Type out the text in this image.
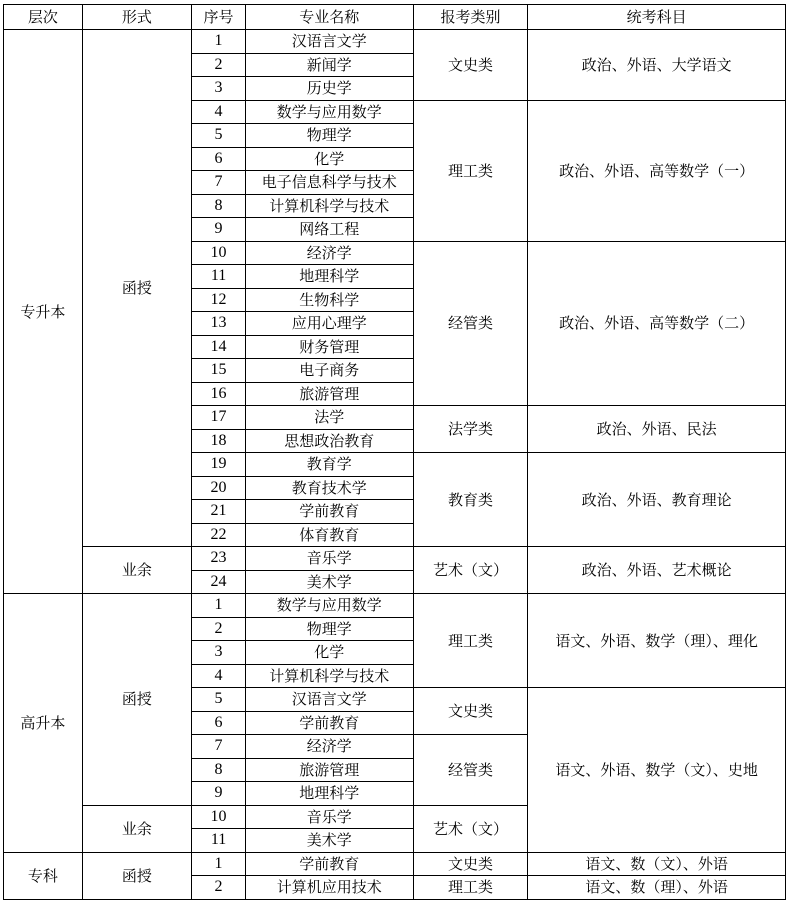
层次	形式	序号	专业名称	报考类别	统考科目
专升本	函授	1	汉语言文学	文史类	政治、外语、大学语文
		2	新闻学		
		3	历史学		
		4	数学与应用数学	理工类	政治、外语、高等数学（一）
		5	物理学		
		6	化学		
		7	电子信息科学与技术		
		8	计算机科学与技术		
		9	网络工程		
		10	经济学	经管类	政治、外语、高等数学（二）
		11	地理科学		
		12	生物科学		
		13	应用心理学		
		14	财务管理		
		15	电子商务		
		16	旅游管理		
		17	法学	法学类	政治、外语、民法
		18	思想政治教育		
		19	教育学	教育类	政治、外语、教育理论
		20	教育技术学		
		21	学前教育		
		22	体育教育		
	业余	23	音乐学	艺术（文）	政治、外语、艺术概论
		24	美术学		
高升本	函授	1	数学与应用数学	理工类	语文、外语、数学（理）、理化
		2	物理学		
		3	化学		
		4	计算机科学与技术		
		5	汉语言文学	文史类	语文、外语、数学（文）、史地
		6	学前教育		
		7	经济学	经管类	
		8	旅游管理		
		9	地理科学		
	业余	10	音乐学	艺术（文）	
		11	美术学		
专科	函授	1	学前教育	文史类	语文、数（文）、外语
		2	计算机应用技术	理工类	语文、数（理）、外语
